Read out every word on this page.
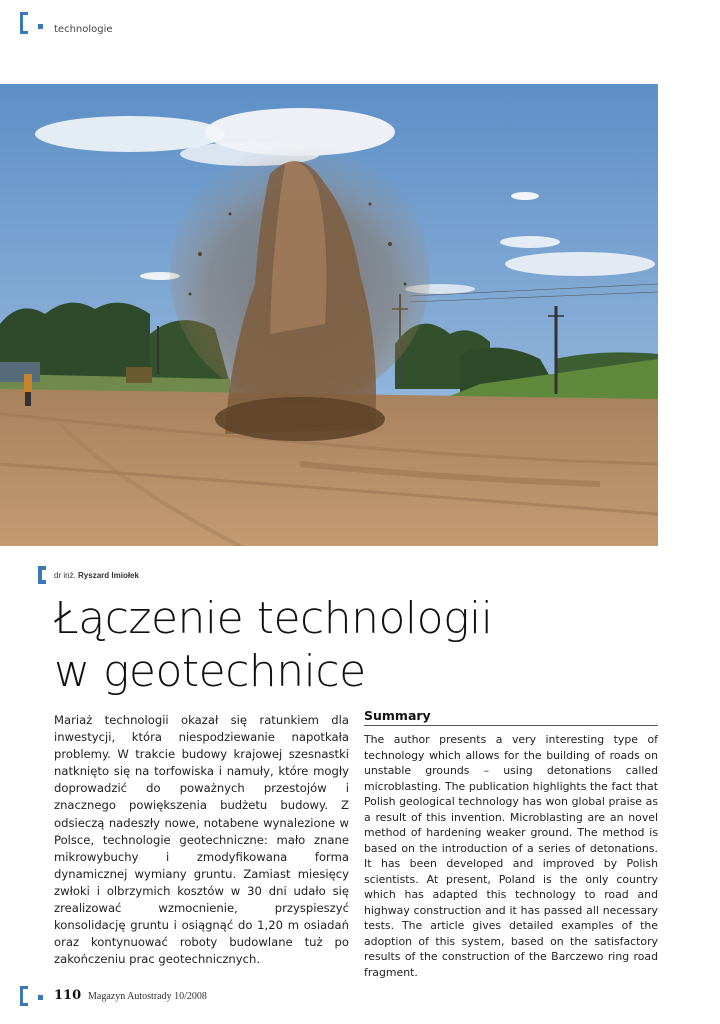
technologie
dr inż. Ryszard Imiołek
Łączenie technologii
w geotechnice

Mariaż technologii okazał się ratunkiem dla inwestycji, która niespodziewanie napotkała problemy. W trakcie budowy krajowej szesnastki natknięto się na torfowiska i namuły, które mogły doprowadzić do poważnych przestojów i znacznego powiększenia budżetu budowy. Z odsieczą nadeszły nowe, notabene wynalezione w Polsce, technologie geotechniczne: mało znane mikrowybuchy i zmodyfikowana forma dynamicznej wymiany gruntu. Zamiast miesięcy zwłoki i olbrzymich kosztów w 30 dni udało się zrealizować wzmocnienie, przyspieszyć konsolidację gruntu i osiągnąć do 1,20 m osiadań oraz kontynuować roboty budowlane tuż po zakończeniu prac geotechnicznych.

Summary

The author presents a very interesting type of technology which allows for the building of roads on unstable grounds – using detonations called microblasting. The publication highlights the fact that Polish geological technology has won global praise as a result of this invention. Microblasting are an novel method of hardening weaker ground. The method is based on the introduction of a series of detonations. It has been developed and improved by Polish scientists. At present, Poland is the only country which has adapted this technology to road and highway construction and it has passed all necessary tests. The article gives detailed examples of the adoption of this system, based on the satisfactory results of the construction of the Barczewo ring road fragment.

110 Magazyn Autostrady 10/2008
